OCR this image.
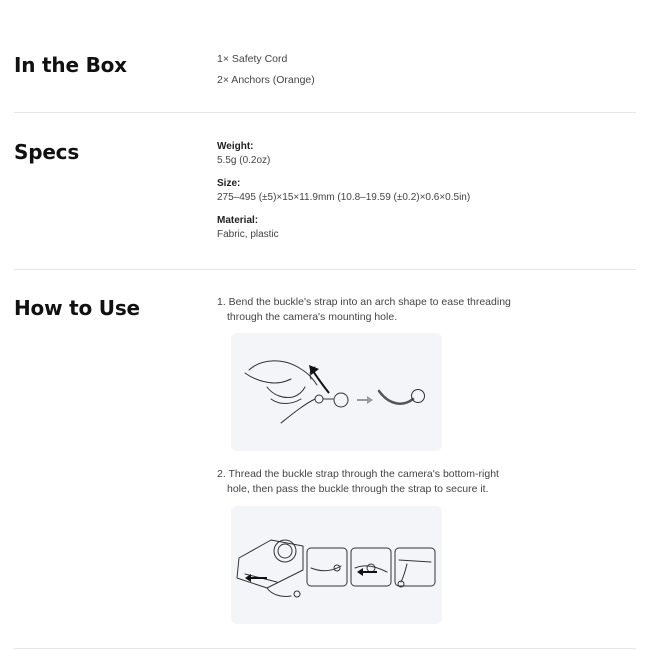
In the Box	1× Safety Cord
2× Anchors (Orange)
Specs	Weight:
5.5g (0.2oz)
Size:
275–495 (±5)×15×11.9mm (10.8–19.59 (±0.2)×0.6×0.5in)
Material:
Fabric, plastic
How to Use	1. Bend the buckle's strap into an arch shape to ease threading
through the camera's mounting hole.
2. Thread the buckle strap through the camera's bottom-right
hole, then pass the buckle through the strap to secure it.
